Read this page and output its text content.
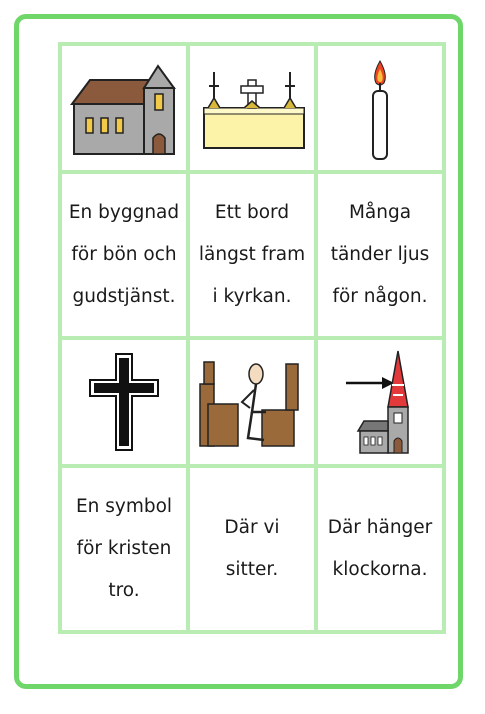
En byggnad
för bön och
gudstjänst.
Ett bord
längst fram
i kyrkan.
Många
tänder ljus
för någon.
En symbol
för kristen
tro.
Där vi
sitter.
Där hänger
klockorna.
